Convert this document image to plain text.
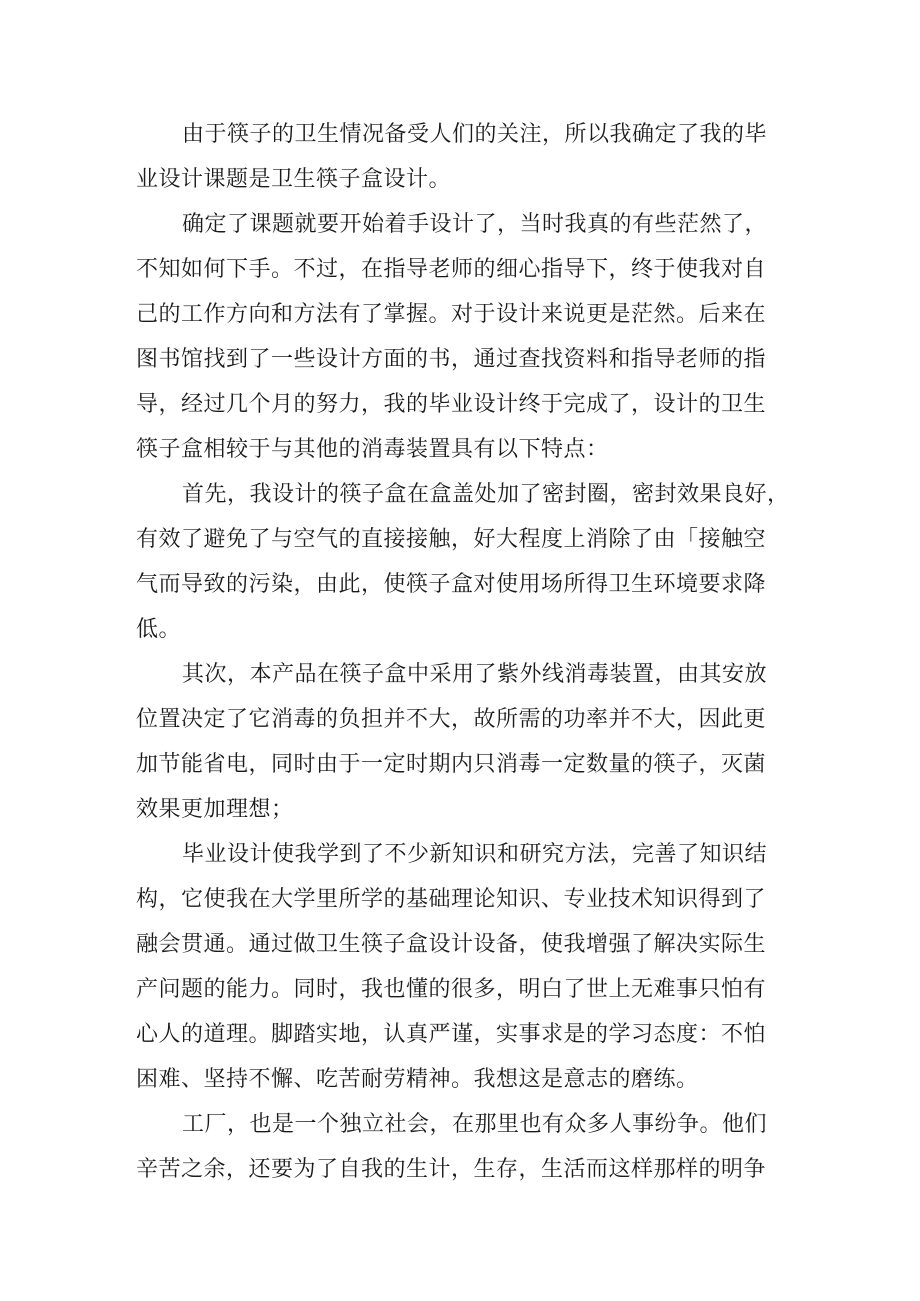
由于筷子的卫生情况备受人们的关注，所以我确定了我的毕
业设计课题是卫生筷子盒设计。
确定了课题就要开始着手设计了，当时我真的有些茫然了，
不知如何下手。不过，在指导老师的细心指导下，终于使我对自
己的工作方向和方法有了掌握。对于设计来说更是茫然。后来在
图书馆找到了一些设计方面的书，通过查找资料和指导老师的指
导，经过几个月的努力，我的毕业设计终于完成了，设计的卫生
筷子盒相较于与其他的消毒装置具有以下特点：
首先，我设计的筷子盒在盒盖处加了密封圈，密封效果良好，
有效了避免了与空气的直接接触，好大程度上消除了由「接触空
气而导致的污染，由此，使筷子盒对使用场所得卫生环境要求降
低。
其次，本产品在筷子盒中采用了紫外线消毒装置，由其安放
位置决定了它消毒的负担并不大，故所需的功率并不大，因此更
加节能省电，同时由于一定时期内只消毒一定数量的筷子，灭菌
效果更加理想；
毕业设计使我学到了不少新知识和研究方法，完善了知识结
构，它使我在大学里所学的基础理论知识、专业技术知识得到了
融会贯通。通过做卫生筷子盒设计设备，使我增强了解决实际生
产问题的能力。同时，我也懂的很多，明白了世上无难事只怕有
心人的道理。脚踏实地，认真严谨，实事求是的学习态度：不怕
困难、坚持不懈、吃苦耐劳精神。我想这是意志的磨练。
工厂，也是一个独立社会，在那里也有众多人事纷争。他们
辛苦之余，还要为了自我的生计，生存，生活而这样那样的明争
